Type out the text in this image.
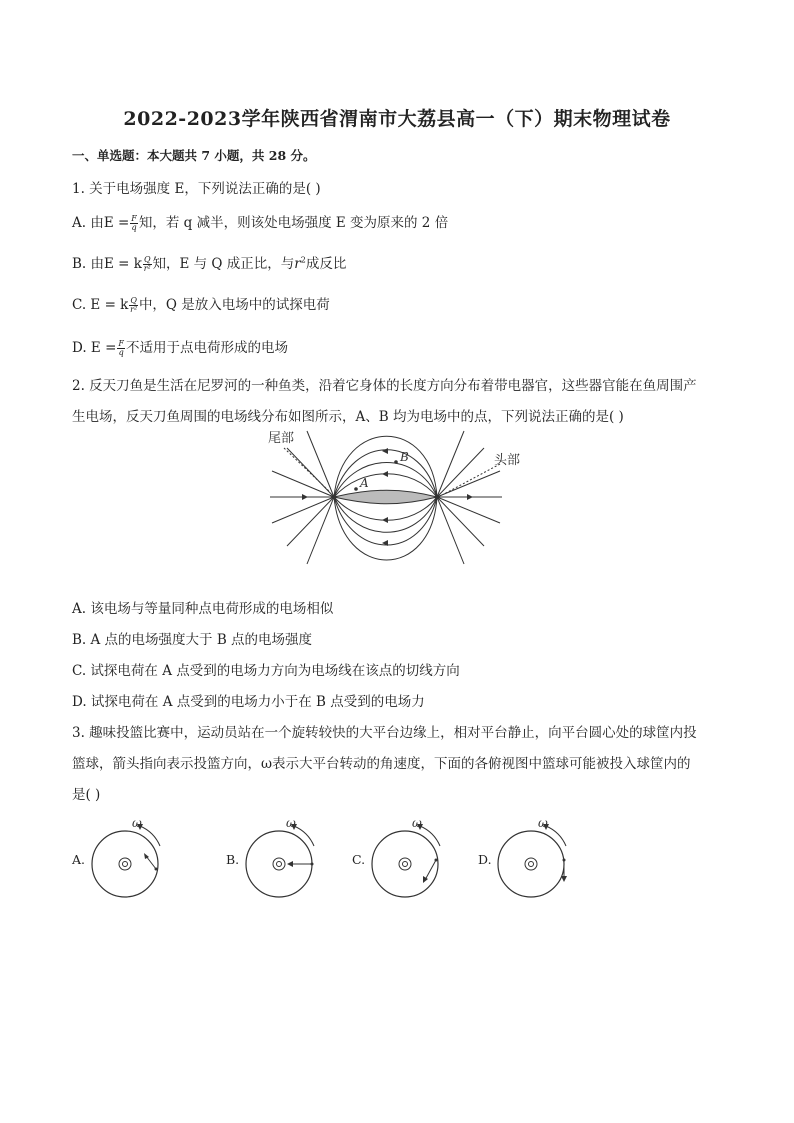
2022-2023学年陕西省渭南市大荔县高一（下）期末物理试卷
一、单选题：本大题共 7 小题，共 28 分。
1. 关于电场强度 E，下列说法正确的是( )
A. 由$E = \frac{F}{q}$ 知，若 q 减半，则该处电场强度 E 变为原来的 2 倍
B. 由E = k $\frac{Q}{\text{r²}}$ 知，E 与 Q 成正比，与$r^2$成反比
C. E = k $\frac{Q}{\text{r²}}$ 中，Q 是放入电场中的试探电荷
D. $E = \frac{F}{q}$ 不适用于点电荷形成的电场
2. 反天刀鱼是生活在尼罗河的一种鱼类，沿着它身体的长度方向分布着带电器官，这些器官能在鱼周围产
生电场，反天刀鱼周围的电场线分布如图所示，A、B 均为电场中的点，下列说法正确的是( )
尾部
头部
A
B
A. 该电场与等量同种点电荷形成的电场相似
B. A 点的电场强度大于 B 点的电场强度
C. 试探电荷在 A 点受到的电场力方向为电场线在该点的切线方向
D. 试探电荷在 A 点受到的电场力小于在 B 点受到的电场力
3. 趣味投篮比赛中，运动员站在一个旋转较快的大平台边缘上，相对平台静止，向平台圆心处的球筐内投
篮球，箭头指向表示投篮方向，ω表示大平台转动的角速度，下面的各俯视图中篮球可能被投入球筐内的
是( )
A.
ω
B.
ω
C.
ω
D.
ω
